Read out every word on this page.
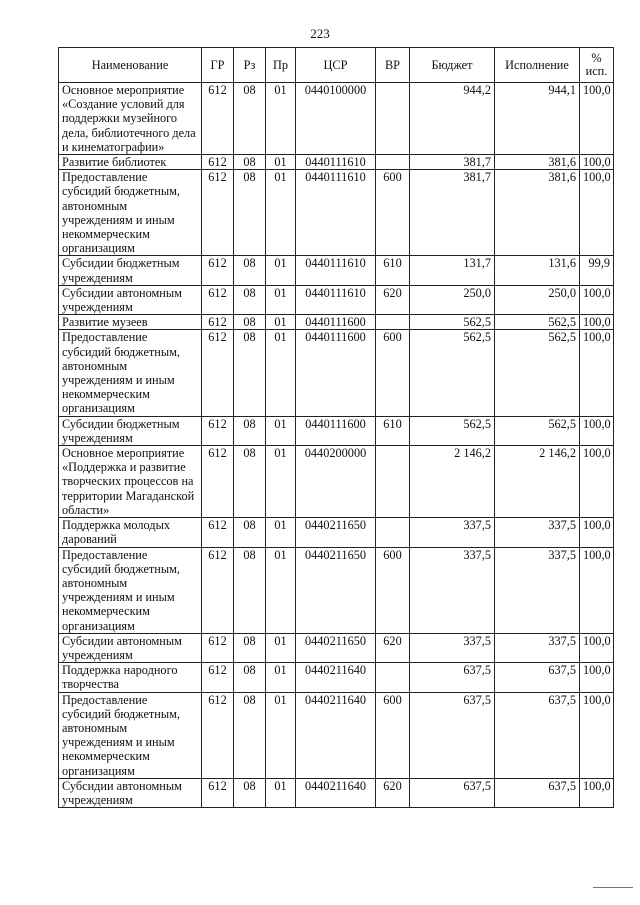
223
Наименование	ГР	Рз	Пр	ЦСР	ВР	Бюджет	Исполнение	%
исп.
Основное мероприятие «Создание условий для поддержки музейного дела, библиотечного дела и кинематографии»	612	08	01	0440100000		944,2	944,1	100,0
Развитие библиотек	612	08	01	0440111610		381,7	381,6	100,0
Предоставление субсидий бюджетным, автономным учреждениям и иным некоммерческим организациям	612	08	01	0440111610	600	381,7	381,6	100,0
Субсидии бюджетным учреждениям	612	08	01	0440111610	610	131,7	131,6	99,9
Субсидии автономным учреждениям	612	08	01	0440111610	620	250,0	250,0	100,0
Развитие музеев	612	08	01	0440111600		562,5	562,5	100,0
Предоставление субсидий бюджетным, автономным учреждениям и иным некоммерческим организациям	612	08	01	0440111600	600	562,5	562,5	100,0
Субсидии бюджетным учреждениям	612	08	01	0440111600	610	562,5	562,5	100,0
Основное мероприятие «Поддержка и развитие творческих процессов на территории Магаданской области»	612	08	01	0440200000		2 146,2	2 146,2	100,0
Поддержка молодых дарований	612	08	01	0440211650		337,5	337,5	100,0
Предоставление субсидий бюджетным, автономным учреждениям и иным некоммерческим организациям	612	08	01	0440211650	600	337,5	337,5	100,0
Субсидии автономным учреждениям	612	08	01	0440211650	620	337,5	337,5	100,0
Поддержка народного творчества	612	08	01	0440211640		637,5	637,5	100,0
Предоставление субсидий бюджетным, автономным учреждениям и иным некоммерческим организациям	612	08	01	0440211640	600	637,5	637,5	100,0
Субсидии автономным учреждениям	612	08	01	0440211640	620	637,5	637,5	100,0
